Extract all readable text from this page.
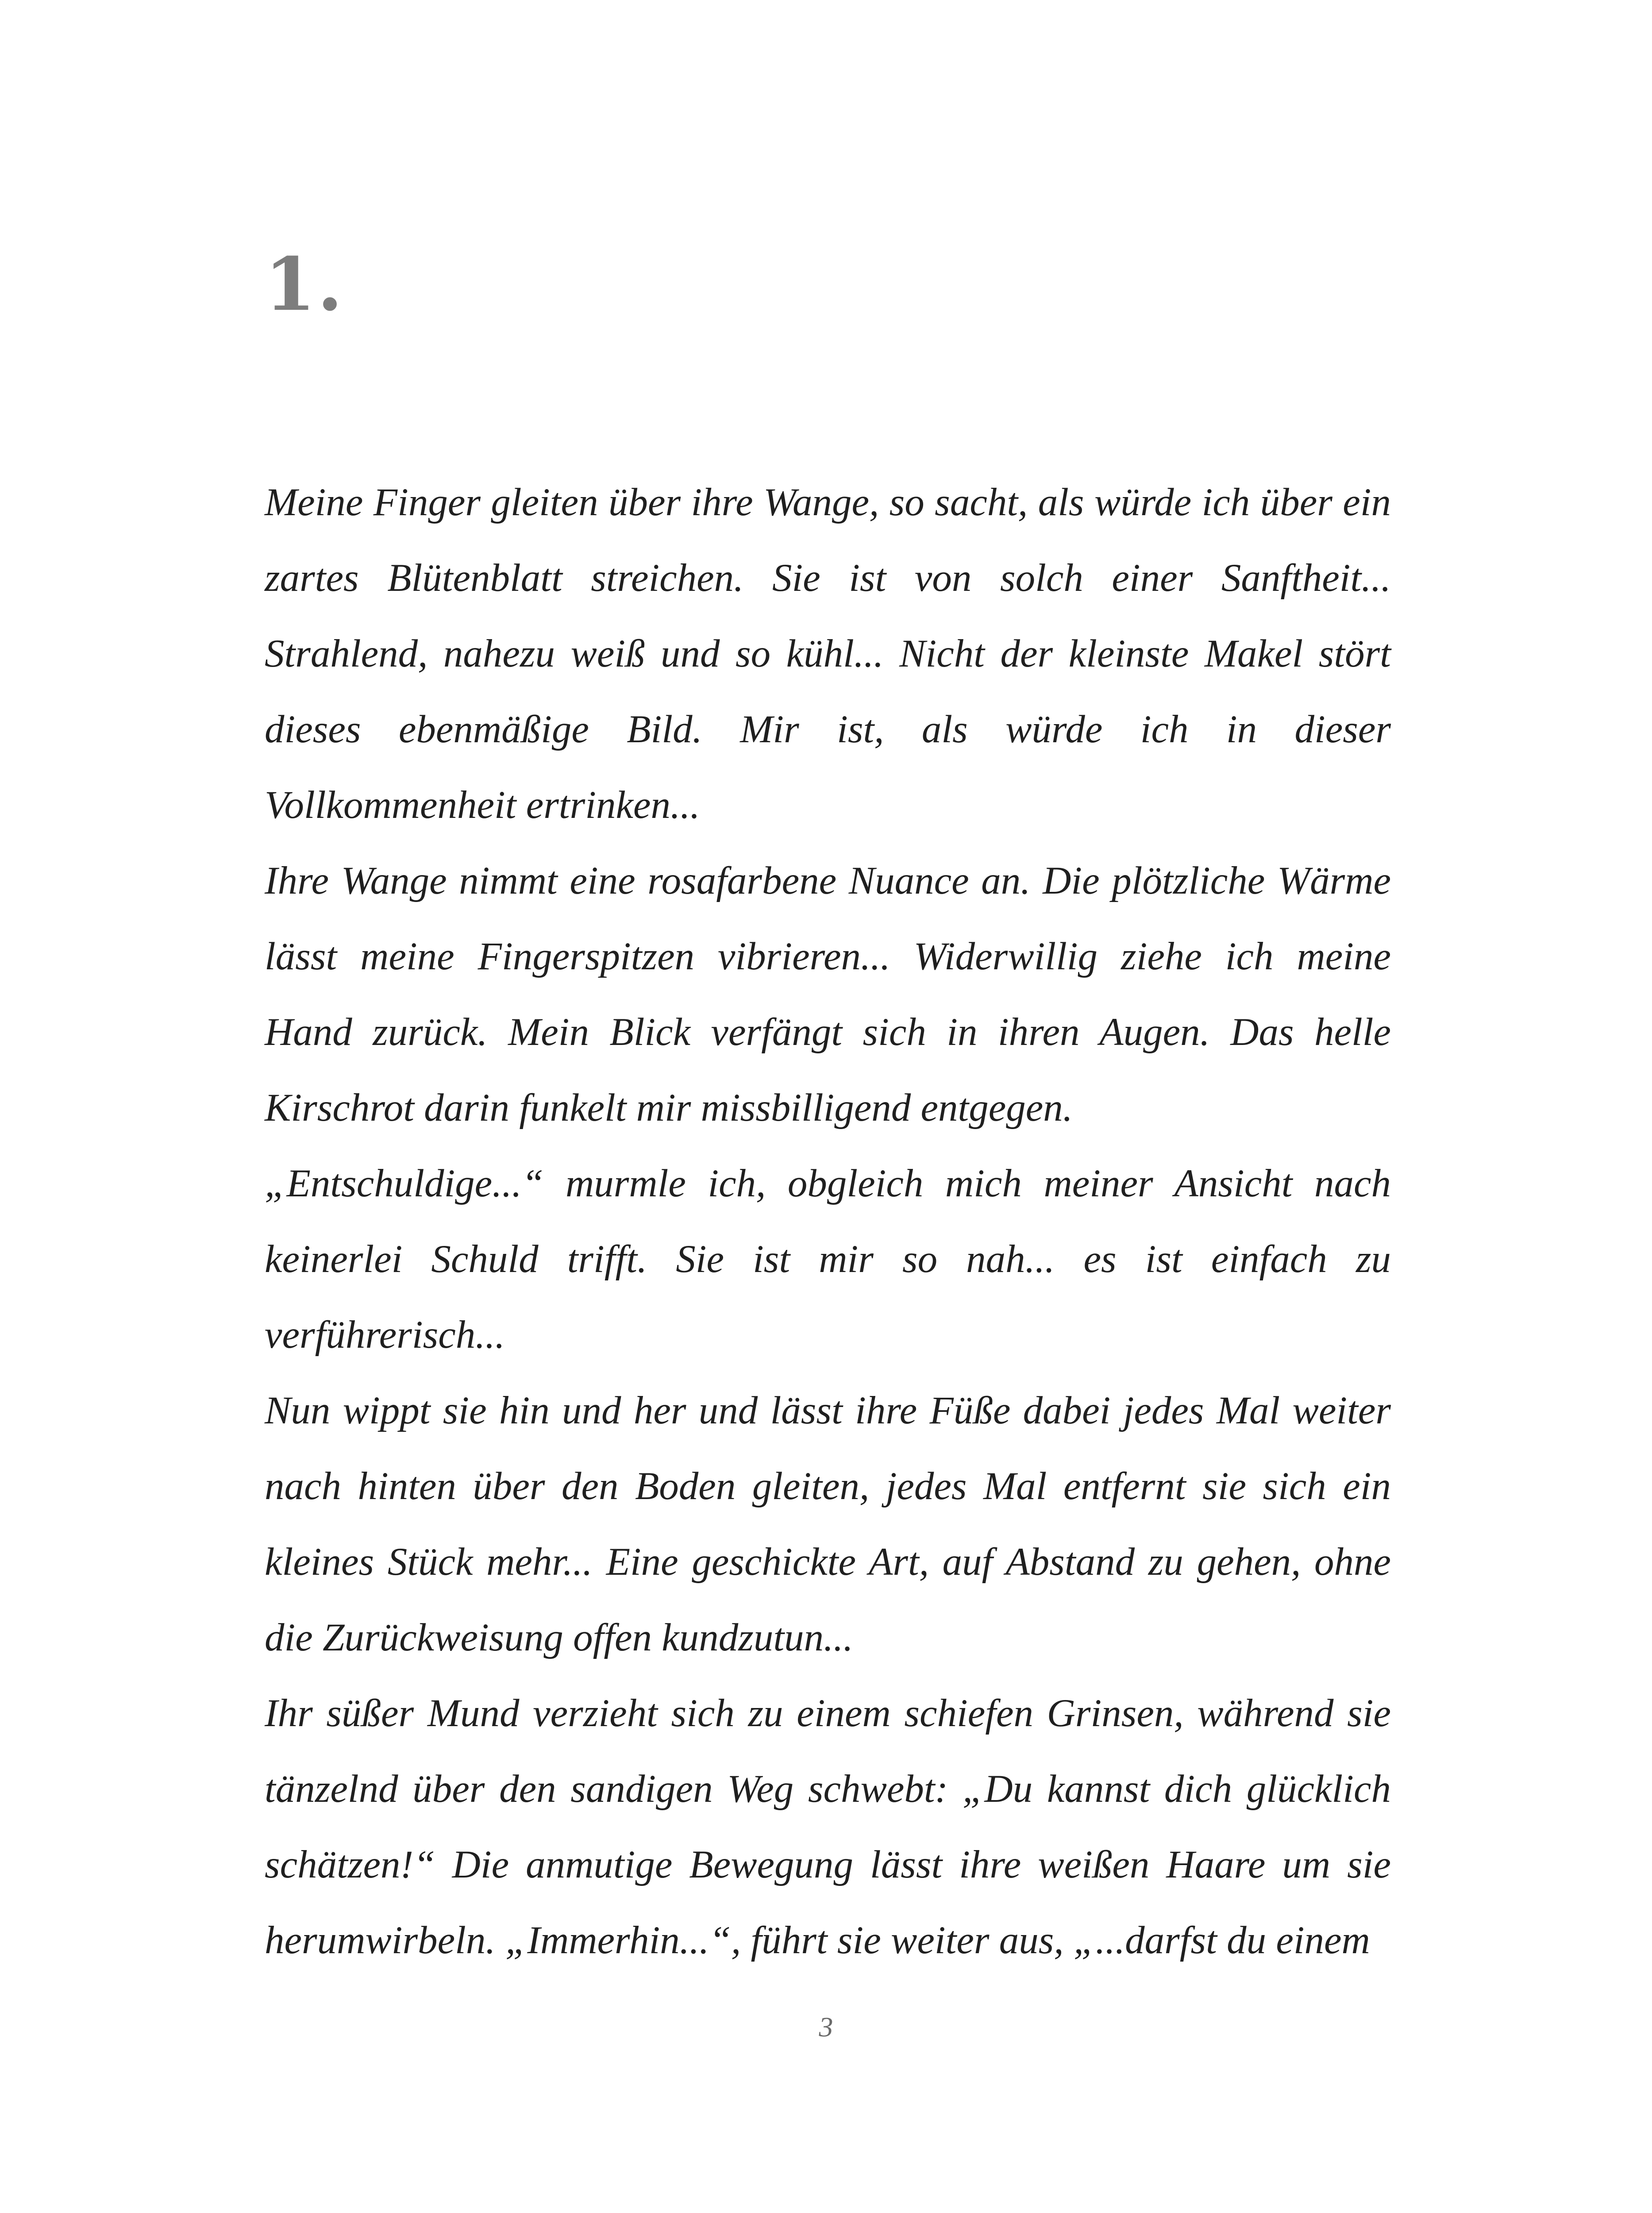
1.

Meine Finger gleiten über ihre Wange, so sacht, als würde ich über ein zartes Blütenblatt streichen. Sie ist von solch einer Sanftheit... Strahlend, nahezu weiß und so kühl... Nicht der kleinste Makel stört dieses ebenmäßige Bild. Mir ist, als würde ich in dieser Vollkommenheit ertrinken...

Ihre Wange nimmt eine rosafarbene Nuance an. Die plötzliche Wärme lässt meine Fingerspitzen vibrieren... Widerwillig ziehe ich meine Hand zurück. Mein Blick verfängt sich in ihren Augen. Das helle Kirschrot darin funkelt mir missbilligend entgegen.

„Entschuldige...“ murmle ich, obgleich mich meiner Ansicht nach keinerlei Schuld trifft. Sie ist mir so nah... es ist einfach zu verführerisch...

Nun wippt sie hin und her und lässt ihre Füße dabei jedes Mal weiter nach hinten über den Boden gleiten, jedes Mal entfernt sie sich ein kleines Stück mehr... Eine geschickte Art, auf Abstand zu gehen, ohne die Zurückweisung offen kundzutun...

Ihr süßer Mund verzieht sich zu einem schiefen Grinsen, während sie tänzelnd über den sandigen Weg schwebt: „Du kannst dich glücklich schätzen!“ Die anmutige Bewegung lässt ihre weißen Haare um sie herumwirbeln. „Immerhin...“, führt sie weiter aus, „...darfst du einem

3
